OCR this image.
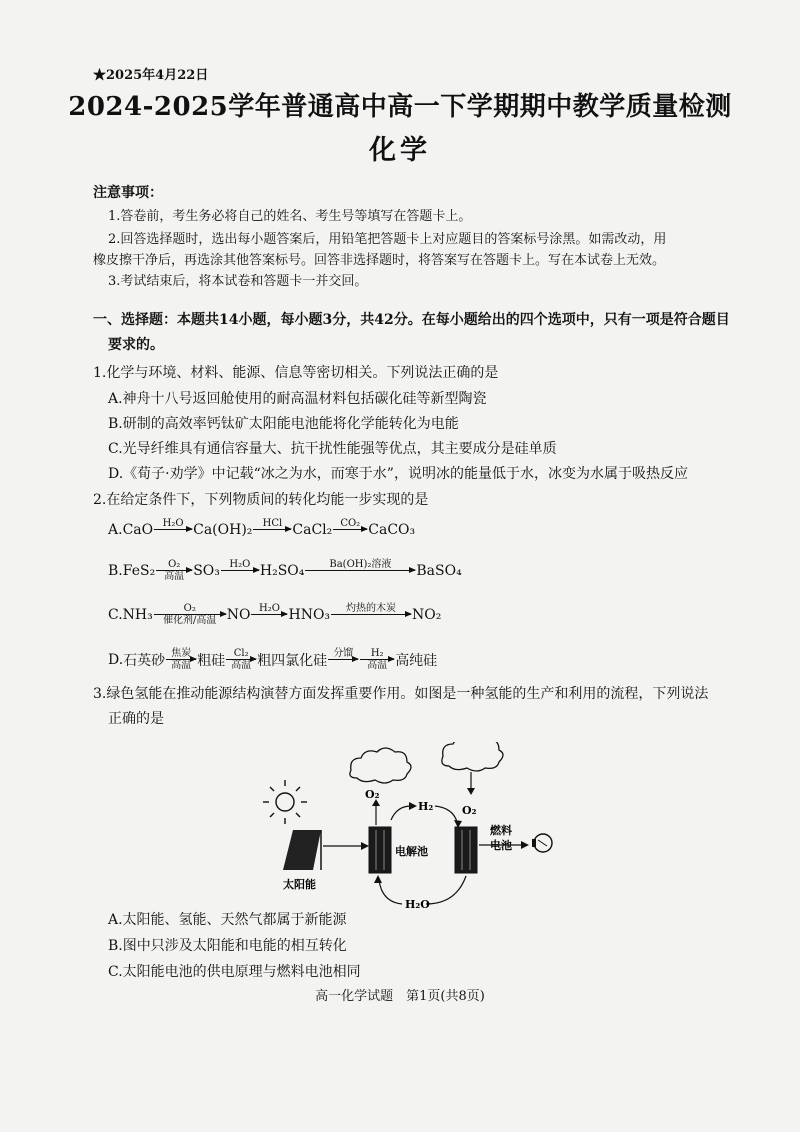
★2025年4月22日
2024-2025学年普通高中高一下学期期中教学质量检测
化学
注意事项：
1.答卷前，考生务必将自己的姓名、考生号等填写在答题卡上。
2.回答选择题时，选出每小题答案后，用铅笔把答题卡上对应题目的答案标号涂黑。如需改动，用
橡皮擦干净后，再选涂其他答案标号。回答非选择题时，将答案写在答题卡上。写在本试卷上无效。
3.考试结束后，将本试卷和答题卡一并交回。
一、选择题：本题共14小题，每小题3分，共42分。在每小题给出的四个选项中，只有一项是符合题目
要求的。
1.化学与环境、材料、能源、信息等密切相关。下列说法正确的是
A.神舟十八号返回舱使用的耐高温材料包括碳化硅等新型陶瓷
B.研制的高效率钙钛矿太阳能电池能将化学能转化为电能
C.光导纤维具有通信容量大、抗干扰性能强等优点，其主要成分是硅单质
D.《荀子·劝学》中记载“冰之为水，而寒于水”，说明冰的能量低于水，冰变为水属于吸热反应
2.在给定条件下，下列物质间的转化均能一步实现的是
A. CaO H₂O Ca(OH)₂ HCl CaCl₂ CO₂ CaCO₃
B. FeS₂ O₂
高温 SO₃ H₂O H₂SO₄ Ba(OH)₂溶液 BaSO₄
C. NH₃	O₂
催化剂/高温 NO H₂O HNO₃ 灼热的木炭 NO₂
D. 石英砂 焦炭
高温 粗硅 Cl₂
高温 粗四氯化硅 分馏 H₂
高温 高纯硅
3.绿色氢能在推动能源结构演替方面发挥重要作用。如图是一种氢能的生产和利用的流程，下列说法
正确的是
太阳能
电解池
O₂
H₂	O₂
燃料
电池
H₂O
A.太阳能、氢能、天然气都属于新能源
B.图中只涉及太阳能和电能的相互转化
C.太阳能电池的供电原理与燃料电池相同
高一化学试题　第1页(共8页)
